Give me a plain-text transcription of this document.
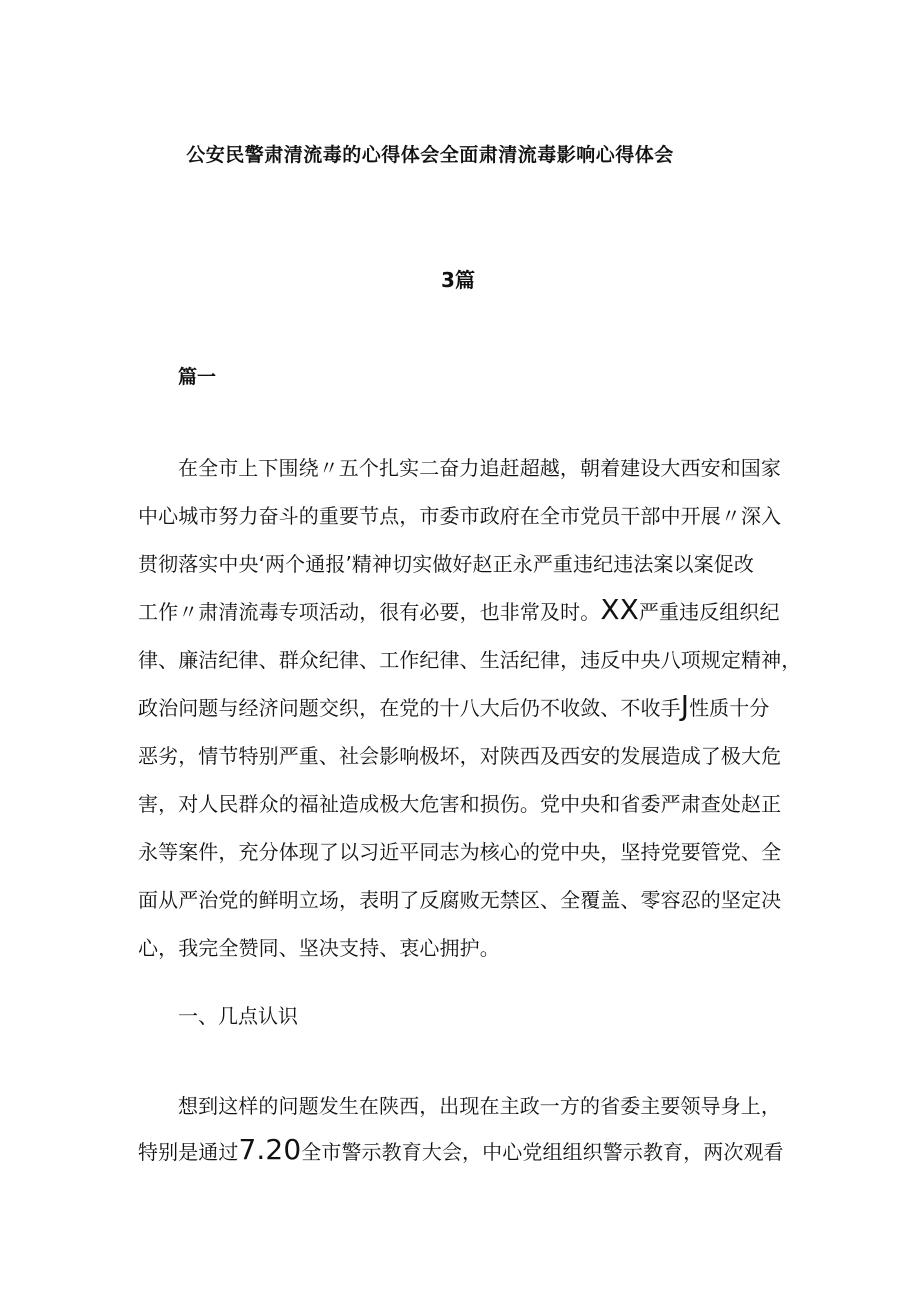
公安民警肃清流毒的心得体会全面肃清流毒影响心得体会
3篇
篇一
在全市上下围绕〃五个扎实二奋力追赶超越，朝着建设大西安和国家
中心城市努力奋斗的重要节点，市委市政府在全市党员干部中开展〃深入
贯彻落实中央‘两个通报’精神切实做好赵正永严重违纪违法案以案促改
工作〃肃清流毒专项活动，很有必要，也非常及时。XX严重违反组织纪
律、廉洁纪律、群众纪律、工作纪律、生活纪律，违反中央八项规定精神，
政治问题与经济问题交织，在党的十八大后仍不收敛、不收手J性质十分
恶劣，情节特别严重、社会影响极坏，对陕西及西安的发展造成了极大危
害，对人民群众的福祉造成极大危害和损伤。党中央和省委严肃查处赵正
永等案件，充分体现了以习近平同志为核心的党中央，坚持党要管党、全
面从严治党的鲜明立场，表明了反腐败无禁区、全覆盖、零容忍的坚定决
心，我完全赞同、坚决支持、衷心拥护。
一、几点认识
想到这样的问题发生在陕西，出现在主政一方的省委主要领导身上，
特别是通过7.20全市警示教育大会，中心党组组织警示教育，两次观看
